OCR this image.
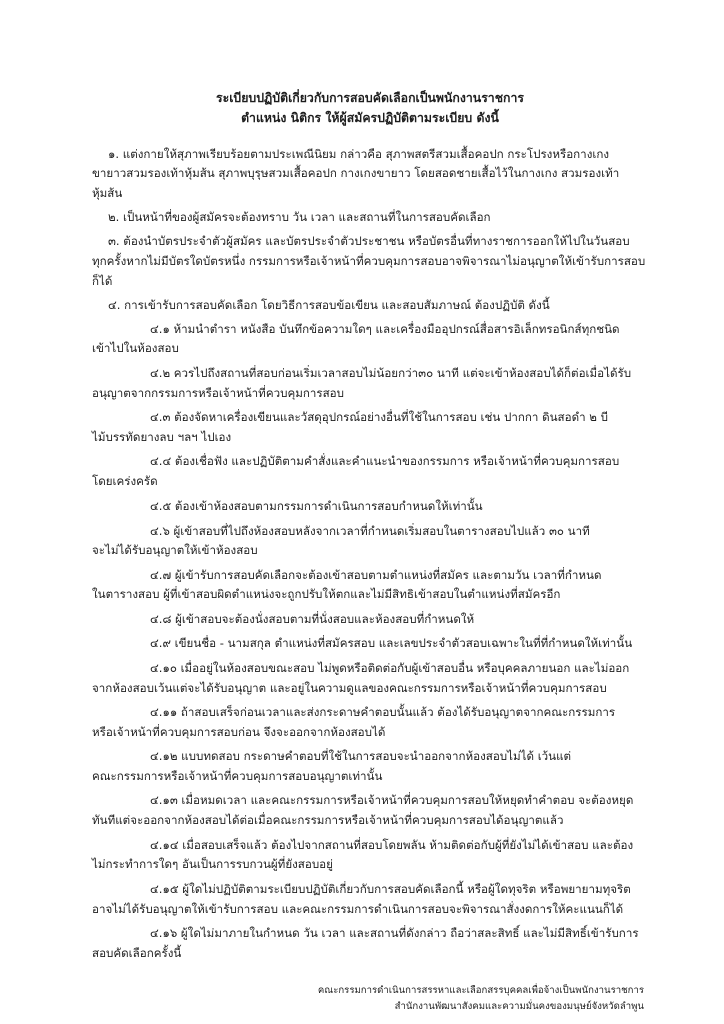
ระเบียบปฏิบัติเกี่ยวกับการสอบคัดเลือกเป็นพนักงานราชการ
ตำแหน่ง นิติกร ให้ผู้สมัครปฏิบัติตามระเบียบ ดังนี้
๑. แต่งกายให้สุภาพเรียบร้อยตามประเพณีนิยม กล่าวคือ สุภาพสตรีสวมเสื้อคอปก กระโปรงหรือกางเกง
ขายาวสวมรองเท้าหุ้มส้น สุภาพบุรุษสวมเสื้อคอปก กางเกงขายาว โดยสอดชายเสื้อไว้ในกางเกง สวมรองเท้า
หุ้มส้น
๒. เป็นหน้าที่ของผู้สมัครจะต้องทราบ วัน เวลา และสถานที่ในการสอบคัดเลือก
๓. ต้องนำบัตรประจำตัวผู้สมัคร และบัตรประจำตัวประชาชน หรือบัตรอื่นที่ทางราชการออกให้ไปในวันสอบ
ทุกครั้งหากไม่มีบัตรใดบัตรหนึ่ง กรรมการหรือเจ้าหน้าที่ควบคุมการสอบอาจพิจารณาไม่อนุญาตให้เข้ารับการสอบ
ก็ได้
๔. การเข้ารับการสอบคัดเลือก โดยวิธีการสอบข้อเขียน และสอบสัมภาษณ์ ต้องปฏิบัติ ดังนี้
๔.๑ ห้ามนำตำรา หนังสือ บันทึกข้อความใดๆ และเครื่องมืออุปกรณ์สื่อสารอิเล็กทรอนิกส์ทุกชนิด
เข้าไปในห้องสอบ
๔.๒ ควรไปถึงสถานที่สอบก่อนเริ่มเวลาสอบไม่น้อยกว่า๓๐ นาที แต่จะเข้าห้องสอบได้ก็ต่อเมื่อได้รับ
อนุญาตจากกรรมการหรือเจ้าหน้าที่ควบคุมการสอบ
๔.๓ ต้องจัดหาเครื่องเขียนและวัสดุอุปกรณ์อย่างอื่นที่ใช้ในการสอบ เช่น ปากกา ดินสอดำ ๒ บี
ไม้บรรทัดยางลบ ฯลฯ ไปเอง
๔.๔ ต้องเชื่อฟัง และปฏิบัติตามคำสั่งและคำแนะนำของกรรมการ หรือเจ้าหน้าที่ควบคุมการสอบ
โดยเคร่งครัด
๔.๕ ต้องเข้าห้องสอบตามกรรมการดำเนินการสอบกำหนดให้เท่านั้น
๔.๖ ผู้เข้าสอบที่ไปถึงห้องสอบหลังจากเวลาที่กำหนดเริ่มสอบในตารางสอบไปแล้ว ๓๐ นาที
จะไม่ได้รับอนุญาตให้เข้าห้องสอบ
๔.๗ ผู้เข้ารับการสอบคัดเลือกจะต้องเข้าสอบตามตำแหน่งที่สมัคร และตามวัน เวลาที่กำหนด
ในตารางสอบ ผู้ที่เข้าสอบผิดตำแหน่งจะถูกปรับให้ตกและไม่มีสิทธิเข้าสอบในตำแหน่งที่สมัครอีก
๔.๘ ผู้เข้าสอบจะต้องนั่งสอบตามที่นั่งสอบและห้องสอบที่กำหนดให้
๔.๙ เขียนชื่อ - นามสกุล ตำแหน่งที่สมัครสอบ และเลขประจำตัวสอบเฉพาะในที่ที่กำหนดให้เท่านั้น
๔.๑๐ เมื่ออยู่ในห้องสอบขณะสอบ ไม่พูดหรือติดต่อกับผู้เข้าสอบอื่น หรือบุคคลภายนอก และไม่ออก
จากห้องสอบเว้นแต่จะได้รับอนุญาต และอยู่ในความดูแลของคณะกรรมการหรือเจ้าหน้าที่ควบคุมการสอบ
๔.๑๑ ถ้าสอบเสร็จก่อนเวลาและส่งกระดาษคำตอบนั้นแล้ว ต้องได้รับอนุญาตจากคณะกรรมการ
หรือเจ้าหน้าที่ควบคุมการสอบก่อน จึงจะออกจากห้องสอบได้
๔.๑๒ แบบทดสอบ กระดาษคำตอบที่ใช้ในการสอบจะนำออกจากห้องสอบไม่ได้ เว้นแต่
คณะกรรมการหรือเจ้าหน้าที่ควบคุมการสอบอนุญาตเท่านั้น
๔.๑๓ เมื่อหมดเวลา และคณะกรรมการหรือเจ้าหน้าที่ควบคุมการสอบให้หยุดทำคำตอบ จะต้องหยุด
ทันทีแต่จะออกจากห้องสอบได้ต่อเมื่อคณะกรรมการหรือเจ้าหน้าที่ควบคุมการสอบได้อนุญาตแล้ว
๔.๑๔ เมื่อสอบเสร็จแล้ว ต้องไปจากสถานที่สอบโดยพลัน ห้ามติดต่อกับผู้ที่ยังไม่ได้เข้าสอบ และต้อง
ไม่กระทำการใดๆ อันเป็นการรบกวนผู้ที่ยังสอบอยู่
๔.๑๕ ผู้ใดไม่ปฏิบัติตามระเบียบปฏิบัติเกี่ยวกับการสอบคัดเลือกนี้ หรือผู้ใดทุจริต หรือพยายามทุจริต
อาจไม่ได้รับอนุญาตให้เข้ารับการสอบ และคณะกรรมการดำเนินการสอบจะพิจารณาสั่งงดการให้คะแนนก็ได้
๔.๑๖ ผู้ใดไม่มาภายในกำหนด วัน เวลา และสถานที่ดังกล่าว ถือว่าสละสิทธิ์ และไม่มีสิทธิ์เข้ารับการ
สอบคัดเลือกครั้งนี้
คณะกรรมการดำเนินการสรรหาและเลือกสรรบุคคลเพื่อจ้างเป็นพนักงานราชการ
สำนักงานพัฒนาสังคมและความมั่นคงของมนุษย์จังหวัดลำพูน
